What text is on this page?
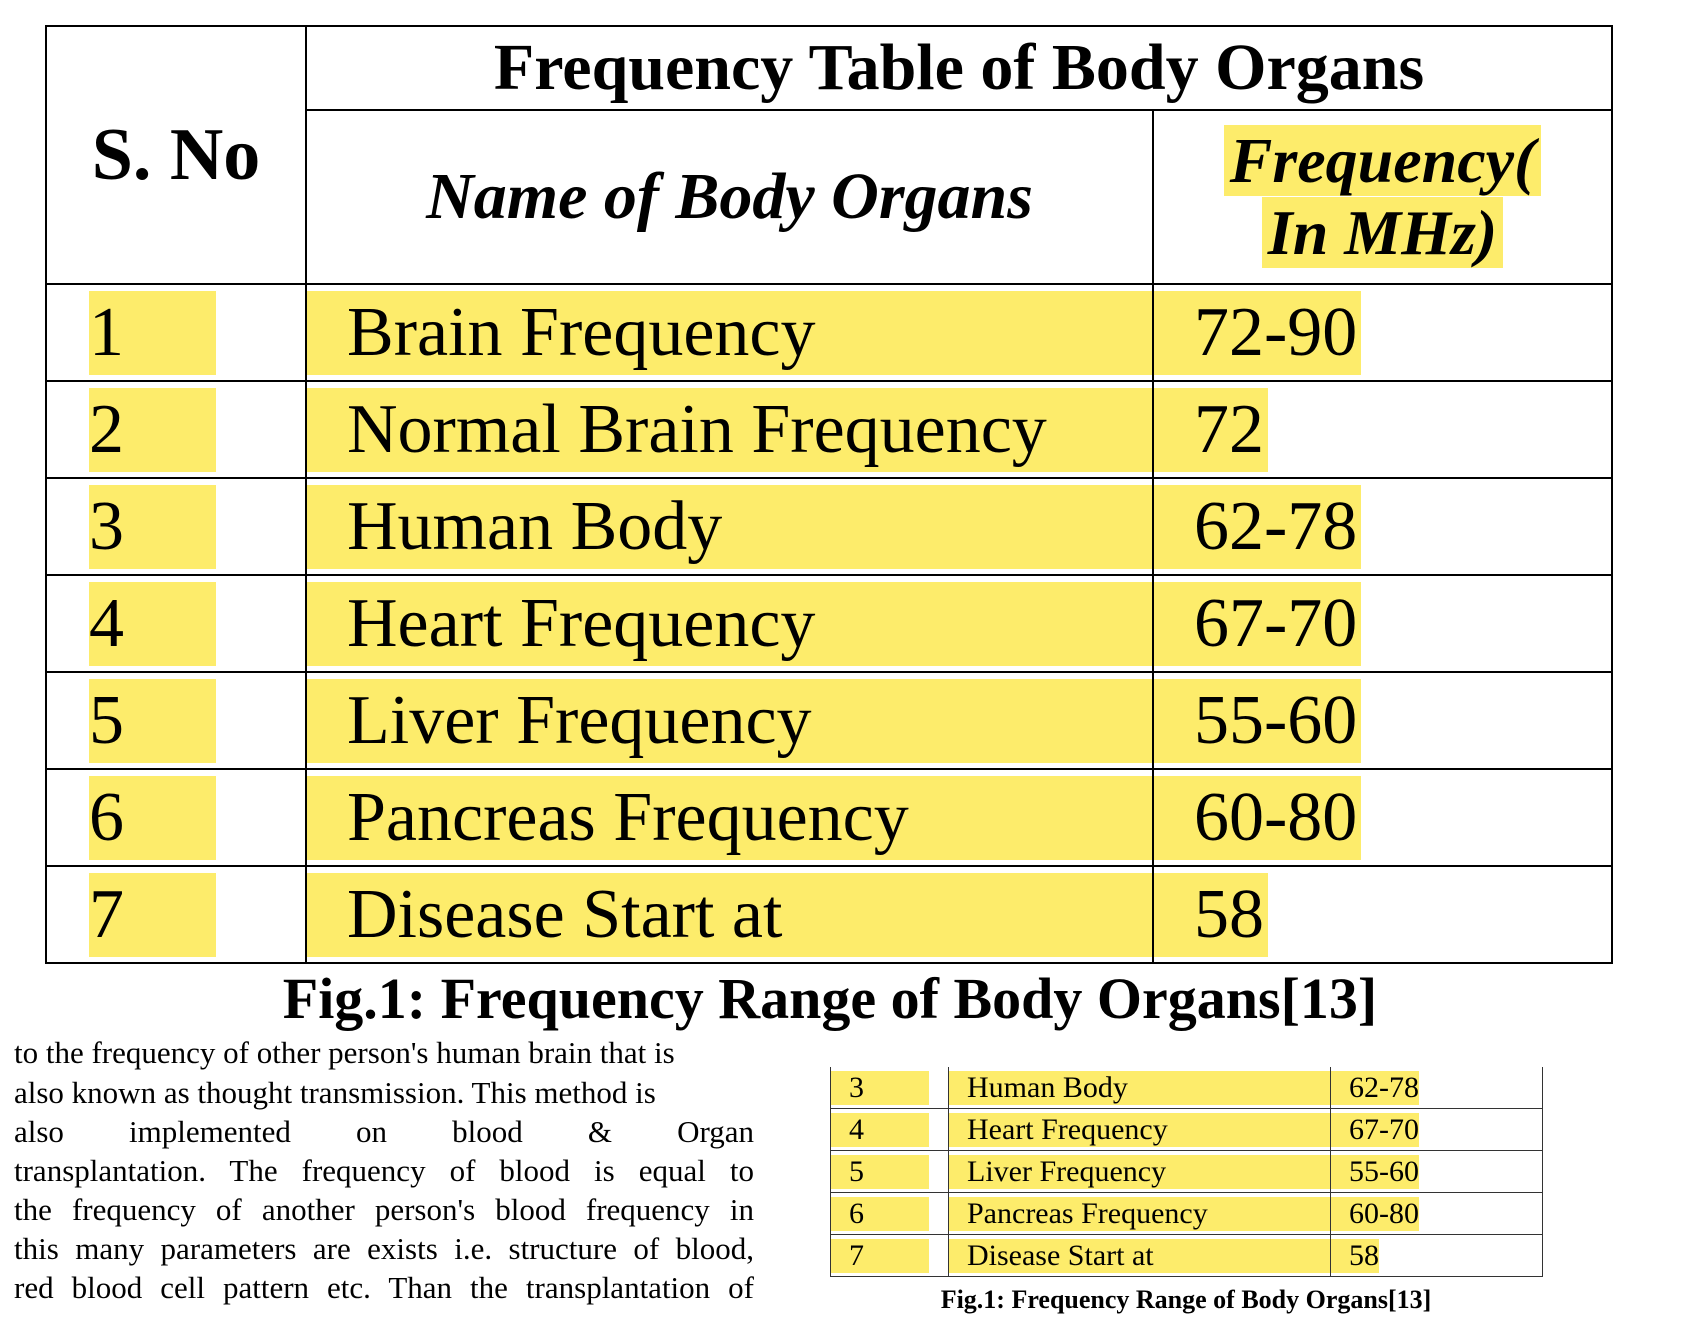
S. No	Frequency Table of Body Organs	
	Name of Body Organs	Frequency(
In MHz)
1	Brain Frequency	72-90
2	Normal Brain Frequency	72
3	Human Body	62-78
4	Heart Frequency	67-70
5	Liver Frequency	55-60
6	Pancreas Frequency	60-80
7	Disease Start at	58
Fig.1: Frequency Range of Body Organs[13]
to the frequency of other person's human brain that is
also known as thought transmission. This method is
also implemented on blood & Organ
transplantation. The frequency of blood is equal to
the frequency of another person's blood frequency in
this many parameters are exists i.e. structure of blood,
red blood cell pattern etc. Than the transplantation of
3	Human Body	62-78
4	Heart Frequency	67-70
5	Liver Frequency	55-60
6	Pancreas Frequency	60-80
7	Disease Start at	58
Fig.1: Frequency Range of Body Organs[13]
